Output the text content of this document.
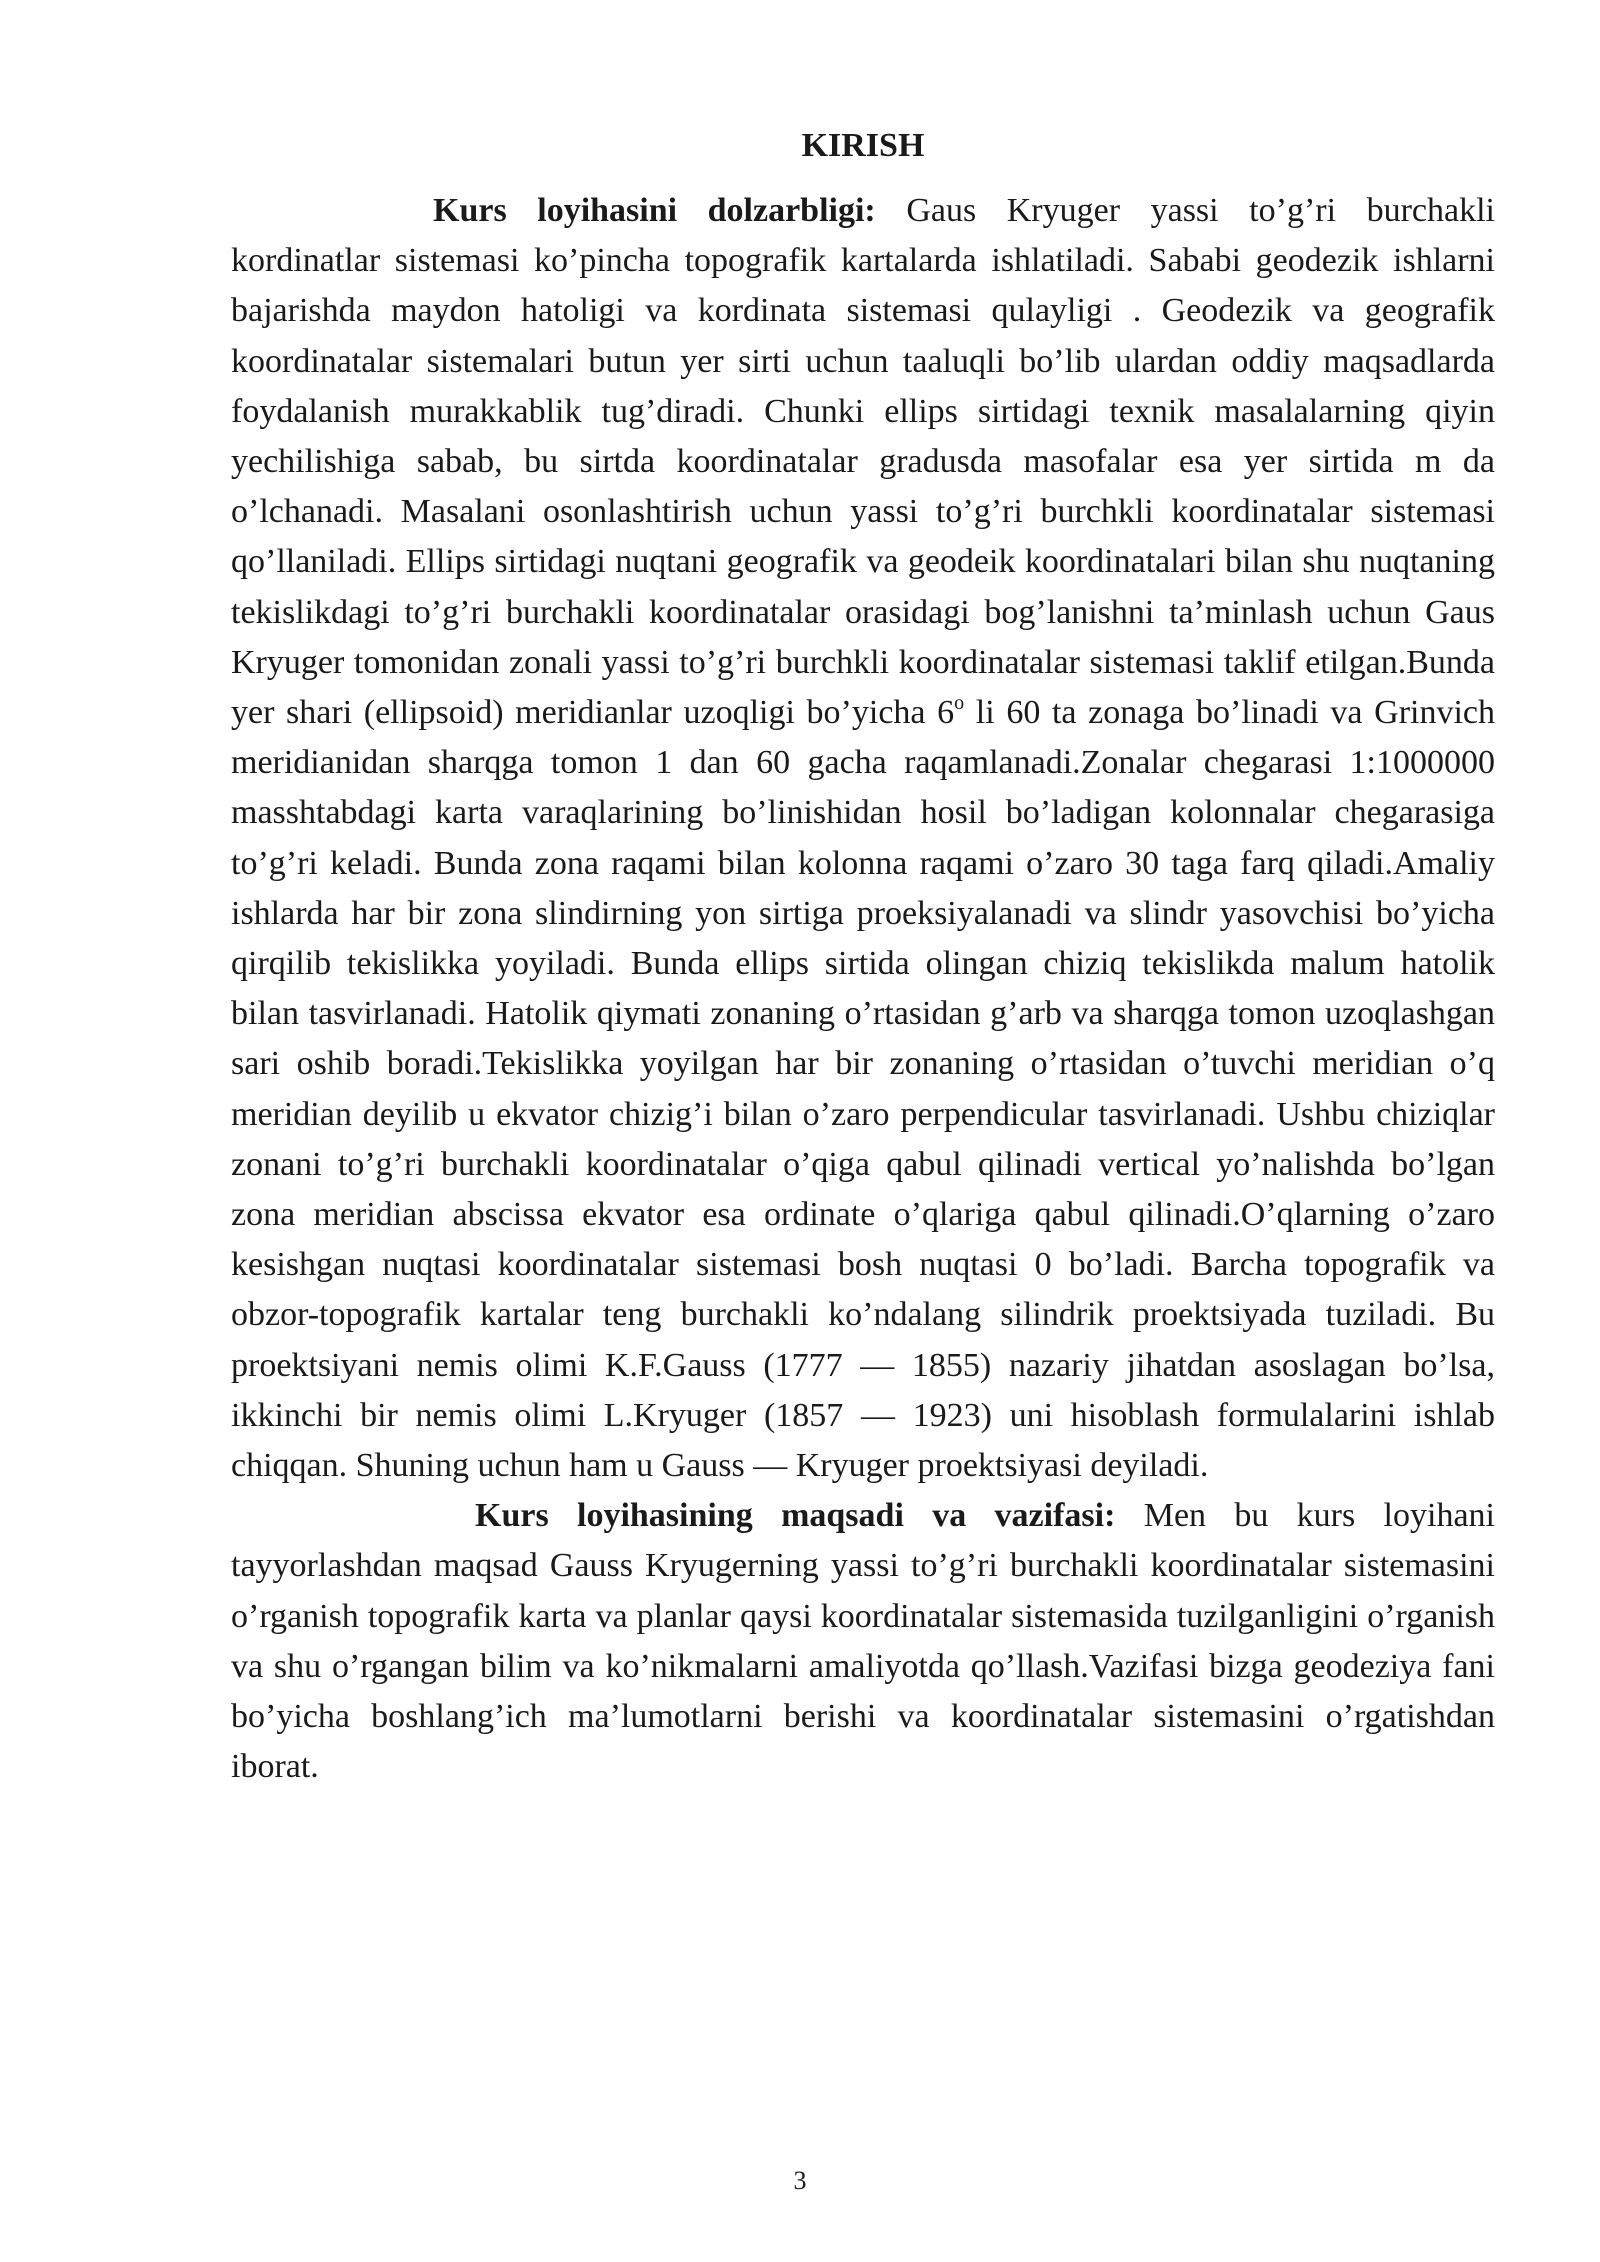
KIRISH

Kurs loyihasini dolzarbligi: Gaus Kryuger yassi to’g’ri burchakli kordinatlar sistemasi ko’pincha topografik kartalarda ishlatiladi. Sababi geodezik ishlarni bajarishda maydon hatoligi va kordinata sistemasi qulayligi . Geodezik va geografik koordinatalar sistemalari butun yer sirti uchun taaluqli bo’lib ulardan oddiy maqsadlarda foydalanish murakkablik tug’diradi. Chunki ellips sirtidagi texnik masalalarning qiyin yechilishiga sabab, bu sirtda koordinatalar gradusda masofalar esa yer sirtida m da o’lchanadi. Masalani osonlashtirish uchun yassi to’g’ri burchkli koordinatalar sistemasi qo’llaniladi. Ellips sirtidagi nuqtani geografik va geodeik koordinatalari bilan shu nuqtaning tekislikdagi to’g’ri burchakli koordinatalar orasidagi bog’lanishni ta’minlash uchun Gaus Kryuger tomonidan zonali yassi to’g’ri burchkli koordinatalar sistemasi taklif etilgan.Bunda yer shari (ellipsoid) meridianlar uzoqligi bo’yicha 6$^o$ li 60 ta zonaga bo’linadi va Grinvich meridianidan sharqga tomon 1 dan 60 gacha raqamlanadi.Zonalar chegarasi 1:1000000 masshtabdagi karta varaqlarining bo’linishidan hosil bo’ladigan kolonnalar chegarasiga to’g’ri keladi. Bunda zona raqami bilan kolonna raqami o’zaro 30 taga farq qiladi.Amaliy ishlarda har bir zona slindirning yon sirtiga proeksiyalanadi va slindr yasovchisi bo’yicha qirqilib tekislikka yoyiladi. Bunda ellips sirtida olingan chiziq tekislikda malum hatolik bilan tasvirlanadi. Hatolik qiymati zonaning o’rtasidan g’arb va sharqga tomon uzoqlashgan sari oshib boradi.Tekislikka yoyilgan har bir zonaning o’rtasidan o’tuvchi meridian o’q meridian deyilib u ekvator chizig’i bilan o’zaro perpendicular tasvirlanadi. Ushbu chiziqlar zonani to’g’ri burchakli koordinatalar o’qiga qabul qilinadi vertical yo’nalishda bo’lgan zona meridian abscissa ekvator esa ordinate o’qlariga qabul qilinadi.O’qlarning o’zaro kesishgan nuqtasi koordinatalar sistemasi bosh nuqtasi 0 bo’ladi. Barcha topografik va obzor-topografik kartalar teng burchakli ko’ndalang silindrik proektsiyada tuziladi. Bu proektsiyani nemis olimi K.F.Gauss (1777 — 1855) nazariy jihatdan asoslagan bo’lsa, ikkinchi bir nemis olimi L.Kryuger (1857 — 1923) uni hisoblash formulalarini ishlab chiqqan. Shuning uchun ham u Gauss — Kryuger proektsiyasi deyiladi.

Kurs loyihasining maqsadi va vazifasi: Men bu kurs loyihani tayyorlashdan maqsad Gauss Kryugerning yassi to’g’ri burchakli koordinatalar sistemasini o’rganish topografik karta va planlar qaysi koordinatalar sistemasida tuzilganligini o’rganish va shu o’rgangan bilim va ko’nikmalarni amaliyotda qo’llash.Vazifasi bizga geodeziya fani bo’yicha boshlang’ich ma’lumotlarni berishi va koordinatalar sistemasini o’rgatishdan iborat.

3
